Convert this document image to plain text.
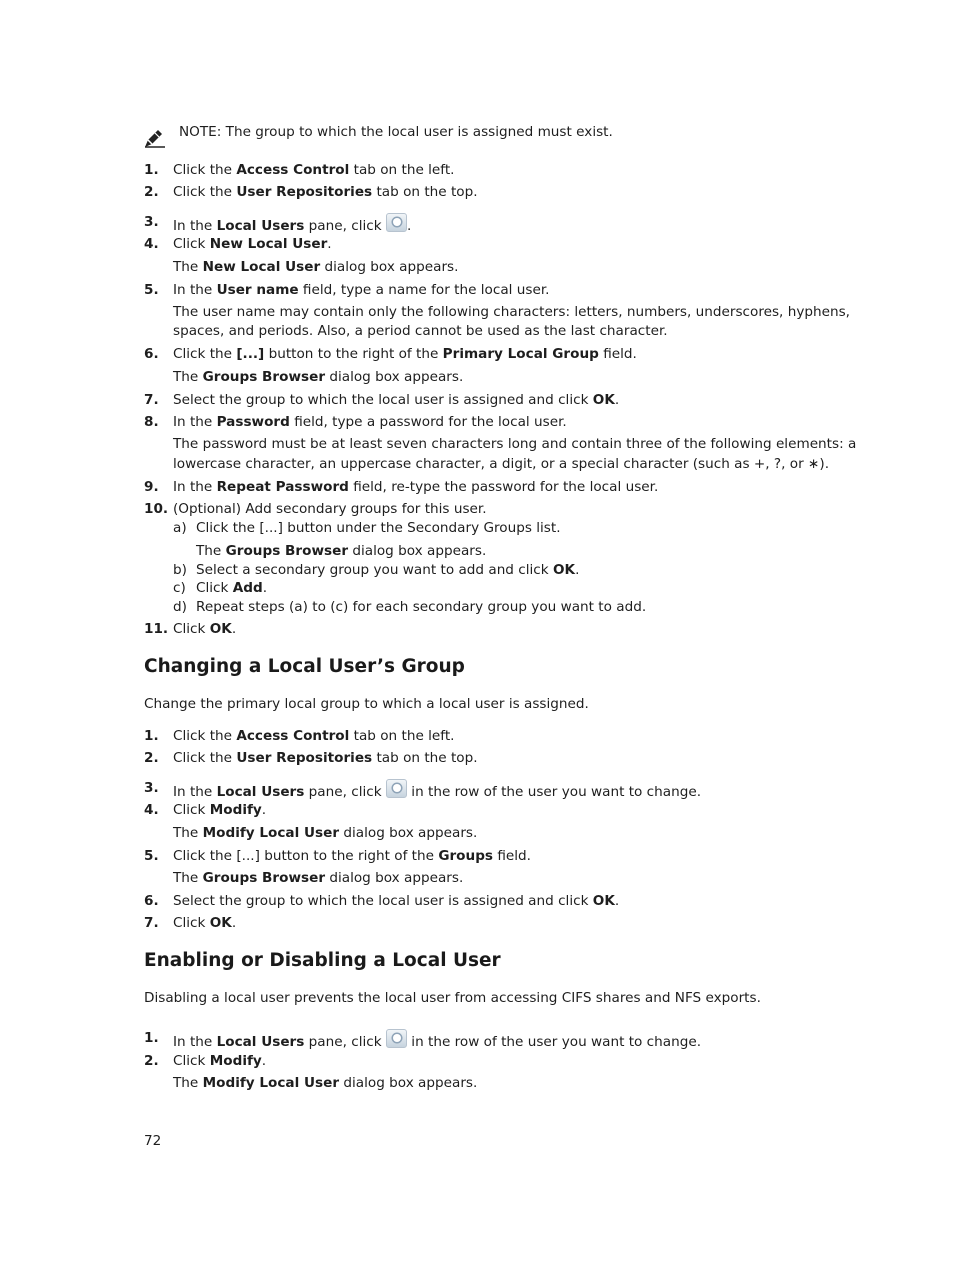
NOTE: The group to which the local user is assigned must exist.
1. Click the Access Control tab on the left.
2. Click the User Repositories tab on the top.
3. In the Local Users pane, click .
4. Click New Local User.
The New Local User dialog box appears.
5. In the User name field, type a name for the local user.
The user name may contain only the following characters: letters, numbers, underscores, hyphens,
spaces, and periods. Also, a period cannot be used as the last character.
6. Click the [...] button to the right of the Primary Local Group field.
The Groups Browser dialog box appears.
7. Select the group to which the local user is assigned and click OK.
8. In the Password field, type a password for the local user.
The password must be at least seven characters long and contain three of the following elements: a
lowercase character, an uppercase character, a digit, or a special character (such as +, ?, or ∗).
9. In the Repeat Password field, re-type the password for the local user.
10. (Optional) Add secondary groups for this user.
a) Click the [...] button under the Secondary Groups list.
The Groups Browser dialog box appears.
b) Select a secondary group you want to add and click OK.
c) Click Add.
d) Repeat steps (a) to (c) for each secondary group you want to add.
11. Click OK.
Changing a Local User’s Group
Change the primary local group to which a local user is assigned.
1. Click the Access Control tab on the left.
2. Click the User Repositories tab on the top.
3. In the Local Users pane, click  in the row of the user you want to change.
4. Click Modify.
The Modify Local User dialog box appears.
5. Click the [...] button to the right of the Groups field.
The Groups Browser dialog box appears.
6. Select the group to which the local user is assigned and click OK.
7. Click OK.
Enabling or Disabling a Local User
Disabling a local user prevents the local user from accessing CIFS shares and NFS exports.
1. In the Local Users pane, click  in the row of the user you want to change.
2. Click Modify.
The Modify Local User dialog box appears.
72
